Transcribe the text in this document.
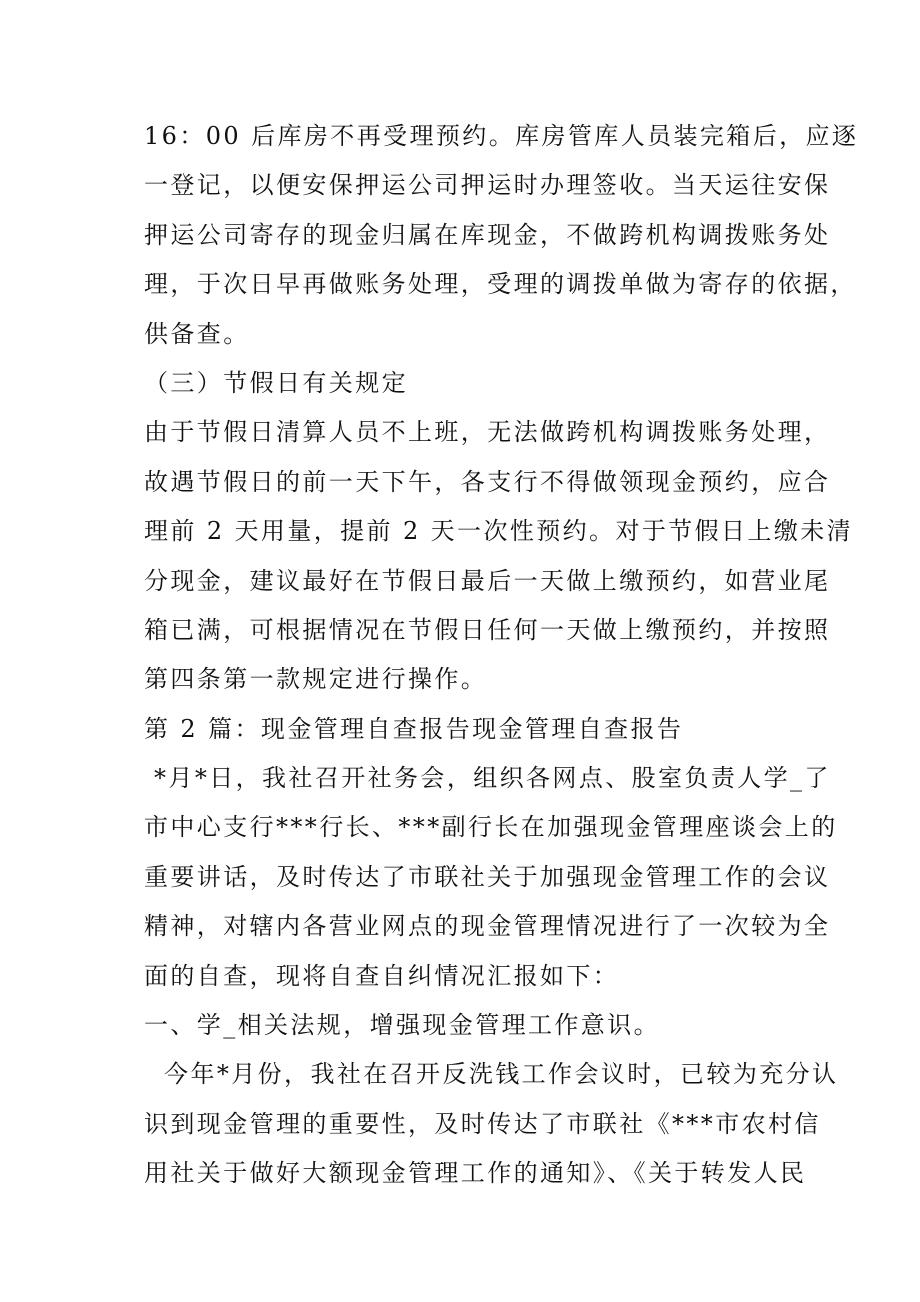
16：00 后库房不再受理预约。库房管库人员装完箱后，应逐
一登记，以便安保押运公司押运时办理签收。当天运往安保
押运公司寄存的现金归属在库现金，不做跨机构调拨账务处
理，于次日早再做账务处理，受理的调拨单做为寄存的依据，
供备查。
（三）节假日有关规定
由于节假日清算人员不上班，无法做跨机构调拨账务处理，
故遇节假日的前一天下午，各支行不得做领现金预约，应合
理前 2 天用量，提前 2 天一次性预约。对于节假日上缴未清
分现金，建议最好在节假日最后一天做上缴预约，如营业尾
箱已满，可根据情况在节假日任何一天做上缴预约，并按照
第四条第一款规定进行操作。
第 2 篇：现金管理自查报告现金管理自查报告
*月*日，我社召开社务会，组织各网点、股室负责人学_了
市中心支行***行长、***副行长在加强现金管理座谈会上的
重要讲话，及时传达了市联社关于加强现金管理工作的会议
精神，对辖内各营业网点的现金管理情况进行了一次较为全
面的自查，现将自查自纠情况汇报如下：
一、学_相关法规，增强现金管理工作意识。
今年*月份，我社在召开反洗钱工作会议时，已较为充分认
识到现金管理的重要性，及时传达了市联社《***市农村信
用社关于做好大额现金管理工作的通知》、《关于转发人民
